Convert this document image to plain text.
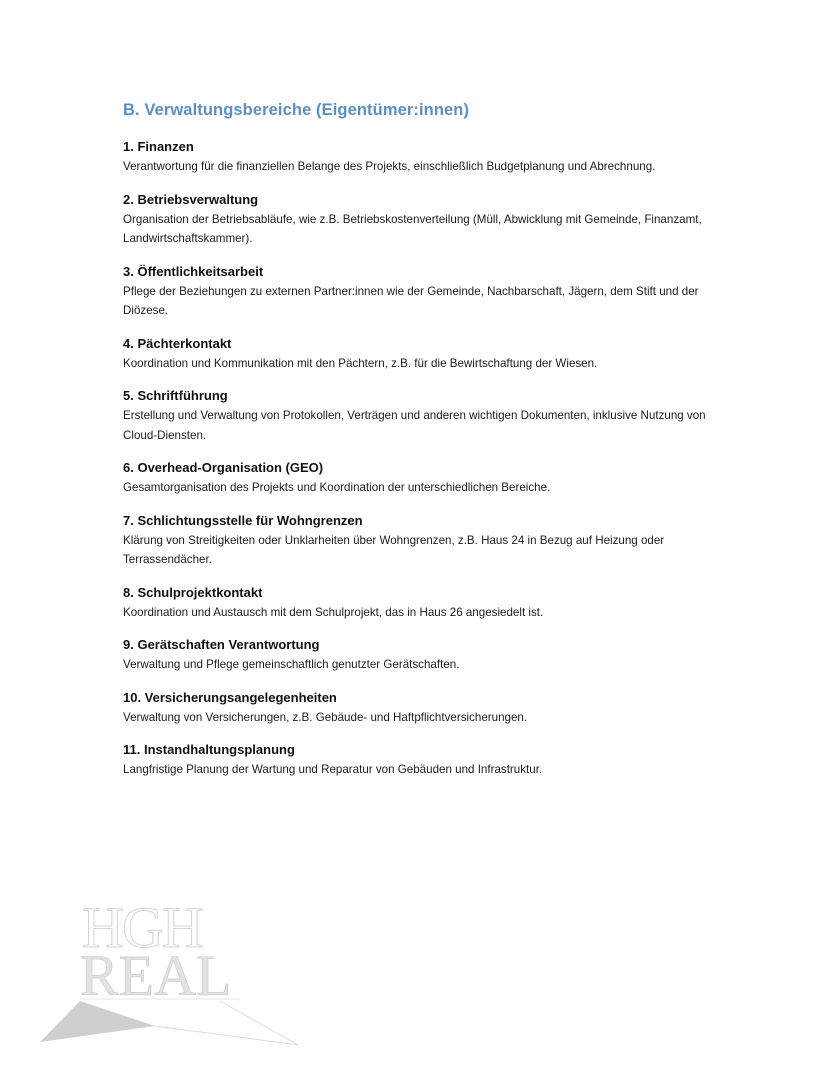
B. Verwaltungsbereiche (Eigentümer:innen)
1. Finanzen

Verantwortung für die finanziellen Belange des Projekts, einschließlich Budgetplanung und Abrechnung.

2. Betriebsverwaltung

Organisation der Betriebsabläufe, wie z.B. Betriebskostenverteilung (Müll, Abwicklung mit Gemeinde, Finanzamt, Landwirtschaftskammer).

3. Öffentlichkeitsarbeit

Pflege der Beziehungen zu externen Partner:innen wie der Gemeinde, Nachbarschaft, Jägern, dem Stift und der Diözese.

4. Pächterkontakt

Koordination und Kommunikation mit den Pächtern, z.B. für die Bewirtschaftung der Wiesen.

5. Schriftführung

Erstellung und Verwaltung von Protokollen, Verträgen und anderen wichtigen Dokumenten, inklusive Nutzung von Cloud-Diensten.

6. Overhead-Organisation (GEO)

Gesamtorganisation des Projekts und Koordination der unterschiedlichen Bereiche.

7. Schlichtungsstelle für Wohngrenzen

Klärung von Streitigkeiten oder Unklarheiten über Wohngrenzen, z.B. Haus 24 in Bezug auf Heizung oder Terrassendächer.

8. Schulprojektkontakt

Koordination und Austausch mit dem Schulprojekt, das in Haus 26 angesiedelt ist.

9. Gerätschaften Verantwortung

Verwaltung und Pflege gemeinschaftlich genutzter Gerätschaften.

10. Versicherungsangelegenheiten

Verwaltung von Versicherungen, z.B. Gebäude- und Haftpflichtversicherungen.

11. Instandhaltungsplanung

Langfristige Planung der Wartung und Reparatur von Gebäuden und Infrastruktur.

HGH
REAL
